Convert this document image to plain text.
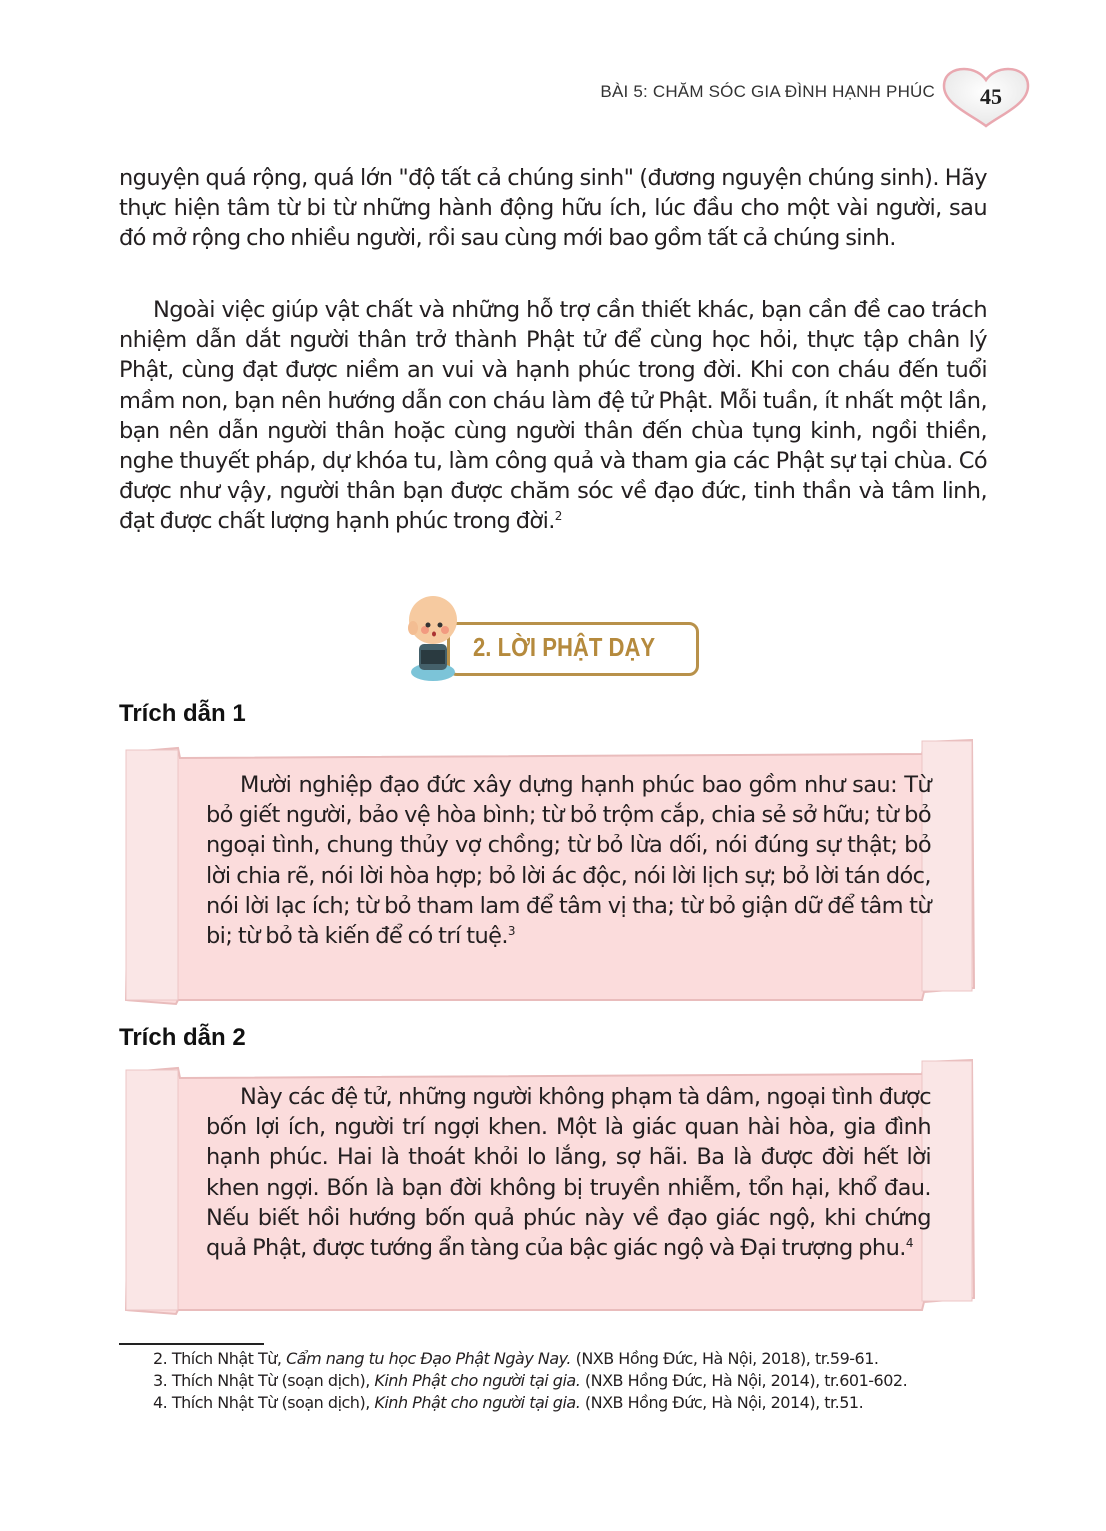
BÀI 5: CHĂM SÓC GIA ĐÌNH HẠNH PHÚC 45

nguyện quá rộng, quá lớn "độ tất cả chúng sinh" (đương nguyện chúng sinh). Hãy thực hiện tâm từ bi từ những hành động hữu ích, lúc đầu cho một vài người, sau đó mở rộng cho nhiều người, rồi sau cùng mới bao gồm tất cả chúng sinh.

Ngoài việc giúp vật chất và những hỗ trợ cần thiết khác, bạn cần đề cao trách nhiệm dẫn dắt người thân trở thành Phật tử để cùng học hỏi, thực tập chân lý Phật, cùng đạt được niềm an vui và hạnh phúc trong đời. Khi con cháu đến tuổi mầm non, bạn nên hướng dẫn con cháu làm đệ tử Phật. Mỗi tuần, ít nhất một lần, bạn nên dẫn người thân hoặc cùng người thân đến chùa tụng kinh, ngồi thiền, nghe thuyết pháp, dự khóa tu, làm công quả và tham gia các Phật sự tại chùa. Có được như vậy, người thân bạn được chăm sóc về đạo đức, tinh thần và tâm linh, đạt được chất lượng hạnh phúc trong đời.$^2$

2. LỜI PHẬT DẠY
Trích dẫn 1
Mười nghiệp đạo đức xây dựng hạnh phúc bao gồm như sau: Từ bỏ giết người, bảo vệ hòa bình; từ bỏ trộm cắp, chia sẻ sở hữu; từ bỏ ngoại tình, chung thủy vợ chồng; từ bỏ lừa dối, nói đúng sự thật; bỏ lời chia rẽ, nói lời hòa hợp; bỏ lời ác độc, nói lời lịch sự; bỏ lời tán dóc, nói lời lạc ích; từ bỏ tham lam để tâm vị tha; từ bỏ giận dữ để tâm từ bi; từ bỏ tà kiến để có trí tuệ.$^3$
Trích dẫn 2
Này các đệ tử, những người không phạm tà dâm, ngoại tình được bốn lợi ích, người trí ngợi khen. Một là giác quan hài hòa, gia đình hạnh phúc. Hai là thoát khỏi lo lắng, sợ hãi. Ba là được đời hết lời khen ngợi. Bốn là bạn đời không bị truyền nhiễm, tổn hại, khổ đau. Nếu biết hồi hướng bốn quả phúc này về đạo giác ngộ, khi chứng quả Phật, được tướng ẩn tàng của bậc giác ngộ và Đại trượng phu.$^4$

2. Thích Nhật Từ, Cẩm nang tu học Đạo Phật Ngày Nay. (NXB Hồng Đức, Hà Nội, 2018), tr.59-61.

3. Thích Nhật Từ (soạn dịch), Kinh Phật cho người tại gia. (NXB Hồng Đức, Hà Nội, 2014), tr.601-602.

4. Thích Nhật Từ (soạn dịch), Kinh Phật cho người tại gia. (NXB Hồng Đức, Hà Nội, 2014), tr.51.
